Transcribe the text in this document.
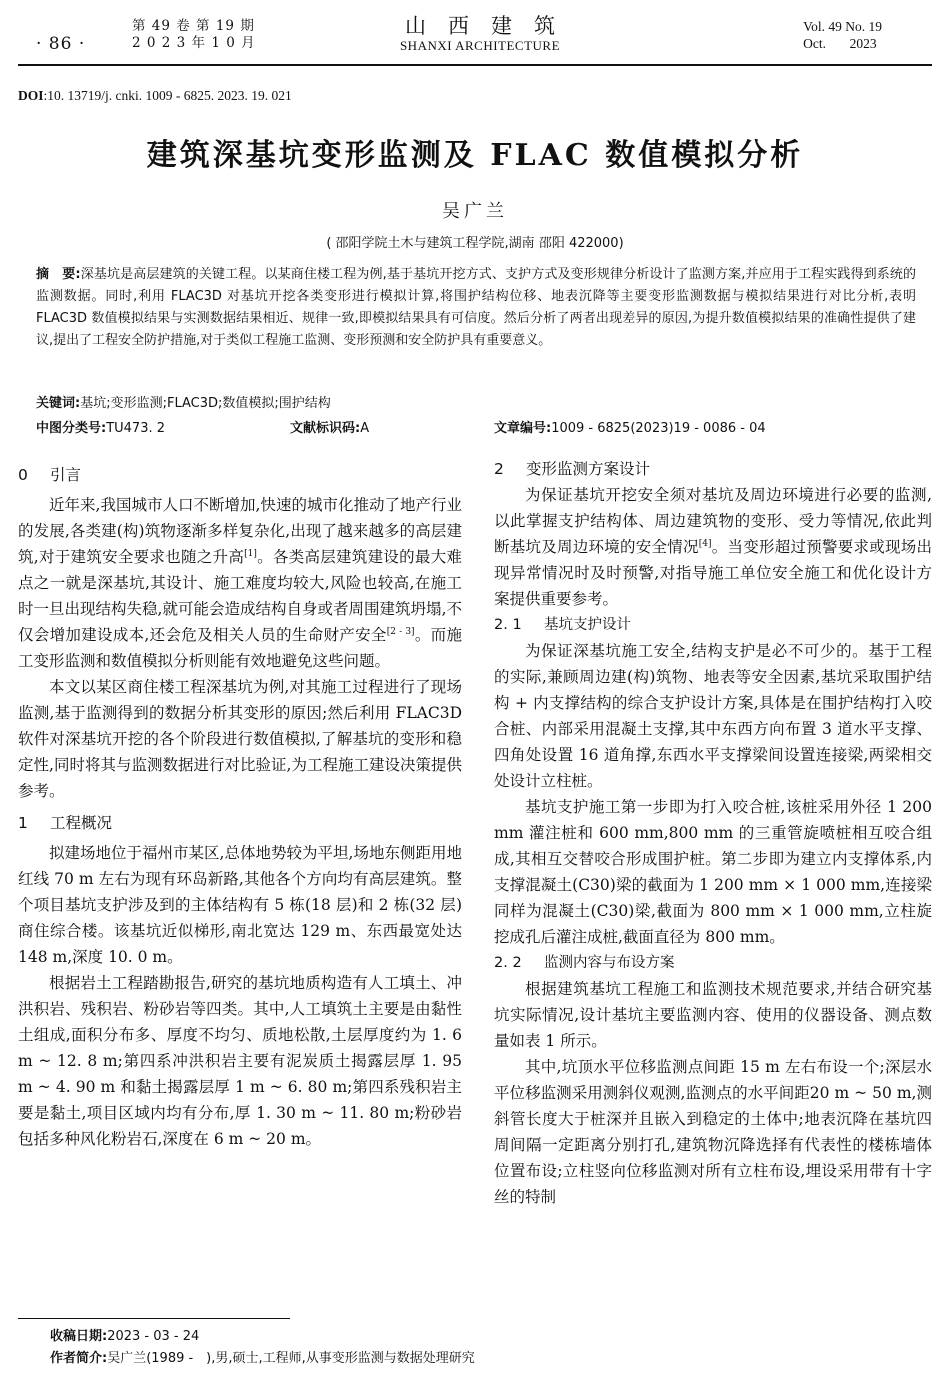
· 86 ·
第 49 卷 第 19 期
2 0 2 3 年 1 0 月
山西建筑
SHANXI ARCHITECTURE
Vol. 49 No. 19
Oct.       2023
DOI:10. 13719/j. cnki. 1009 - 6825. 2023. 19. 021
建筑深基坑变形监测及 FLAC 数值模拟分析
吴广兰
( 邵阳学院土木与建筑工程学院,湖南 邵阳 422000)
摘　要:深基坑是高层建筑的关键工程。以某商住楼工程为例,基于基坑开挖方式、支护方式及变形规律分析设计了监测方案,并应用于工程实践得到系统的监测数据。同时,利用 FLAC3D 对基坑开挖各类变形进行模拟计算,将围护结构位移、地表沉降等主要变形监测数据与模拟结果进行对比分析,表明 FLAC3D 数值模拟结果与实测数据结果相近、规律一致,即模拟结果具有可信度。然后分析了两者出现差异的原因,为提升数值模拟结果的准确性提供了建议,提出了工程安全防护措施,对于类似工程施工监测、变形预测和安全防护具有重要意义。
关键词:基坑;变形监测;FLAC3D;数值模拟;围护结构
中图分类号:TU473. 2	文献标识码:A	文章编号:1009 - 6825(2023)19 - 0086 - 04
0 引言

近年来,我国城市人口不断增加,快速的城市化推动了地产行业的发展,各类建(构)筑物逐渐多样复杂化,出现了越来越多的高层建筑,对于建筑安全要求也随之升高[1]。各类高层建筑建设的最大难点之一就是深基坑,其设计、施工难度均较大,风险也较高,在施工时一旦出现结构失稳,就可能会造成结构自身或者周围建筑坍塌,不仅会增加建设成本,还会危及相关人员的生命财产安全[2 - 3]。而施工变形监测和数值模拟分析则能有效地避免这些问题。

本文以某区商住楼工程深基坑为例,对其施工过程进行了现场监测,基于监测得到的数据分析其变形的原因;然后利用 FLAC3D 软件对深基坑开挖的各个阶段进行数值模拟,了解基坑的变形和稳定性,同时将其与监测数据进行对比验证,为工程施工建设决策提供参考。

1 工程概况

拟建场地位于福州市某区,总体地势较为平坦,场地东侧距用地红线 70 m 左右为现有环岛新路,其他各个方向均有高层建筑。整个项目基坑支护涉及到的主体结构有 5 栋(18 层)和 2 栋(32 层)商住综合楼。该基坑近似梯形,南北宽达 129 m、东西最宽处达 148 m,深度 10. 0 m。

根据岩土工程踏勘报告,研究的基坑地质构造有人工填土、冲洪积岩、残积岩、粉砂岩等四类。其中,人工填筑土主要是由黏性土组成,面积分布多、厚度不均匀、质地松散,土层厚度约为 1. 6 m ~ 12. 8 m;第四系冲洪积岩主要有泥炭质土揭露层厚 1. 95 m ~ 4. 90 m 和黏土揭露层厚 1 m ~ 6. 80 m;第四系残积岩主要是黏土,项目区域内均有分布,厚 1. 30 m ~ 11. 80 m;粉砂岩包括多种风化粉岩石,深度在 6 m ~ 20 m。

2 变形监测方案设计

为保证基坑开挖安全须对基坑及周边环境进行必要的监测,以此掌握支护结构体、周边建筑物的变形、受力等情况,依此判断基坑及周边环境的安全情况[4]。当变形超过预警要求或现场出现异常情况时及时预警,对指导施工单位安全施工和优化设计方案提供重要参考。

2. 1 基坑支护设计

为保证深基坑施工安全,结构支护是必不可少的。基于工程的实际,兼顾周边建(构)筑物、地表等安全因素,基坑采取围护结构 + 内支撑结构的综合支护设计方案,具体是在围护结构打入咬合桩、内部采用混凝土支撑,其中东西方向布置 3 道水平支撑、四角处设置 16 道角撑,东西水平支撑梁间设置连接梁,两梁相交处设计立柱桩。

基坑支护施工第一步即为打入咬合桩,该桩采用外径 1 200 mm 灌注桩和 600 mm,800 mm 的三重管旋喷桩相互咬合组成,其相互交替咬合形成围护桩。第二步即为建立内支撑体系,内支撑混凝土(C30)梁的截面为 1 200 mm × 1 000 mm,连接梁同样为混凝土(C30)梁,截面为 800 mm × 1 000 mm,立柱旋挖成孔后灌注成桩,截面直径为 800 mm。

2. 2 监测内容与布设方案

根据建筑基坑工程施工和监测技术规范要求,并结合研究基坑实际情况,设计基坑主要监测内容、使用的仪器设备、测点数量如表 1 所示。

其中,坑顶水平位移监测点间距 15 m 左右布设一个;深层水平位移监测采用测斜仪观测,监测点的水平间距20 m ~ 50 m,测斜管长度大于桩深并且嵌入到稳定的土体中;地表沉降在基坑四周间隔一定距离分别打孔,建筑物沉降选择有代表性的楼栋墙体位置布设;立柱竖向位移监测对所有立柱布设,埋设采用带有十字丝的特制

收稿日期:2023 - 03 - 24
作者简介:吴广兰(1989 -　),男,硕士,工程师,从事变形监测与数据处理研究
